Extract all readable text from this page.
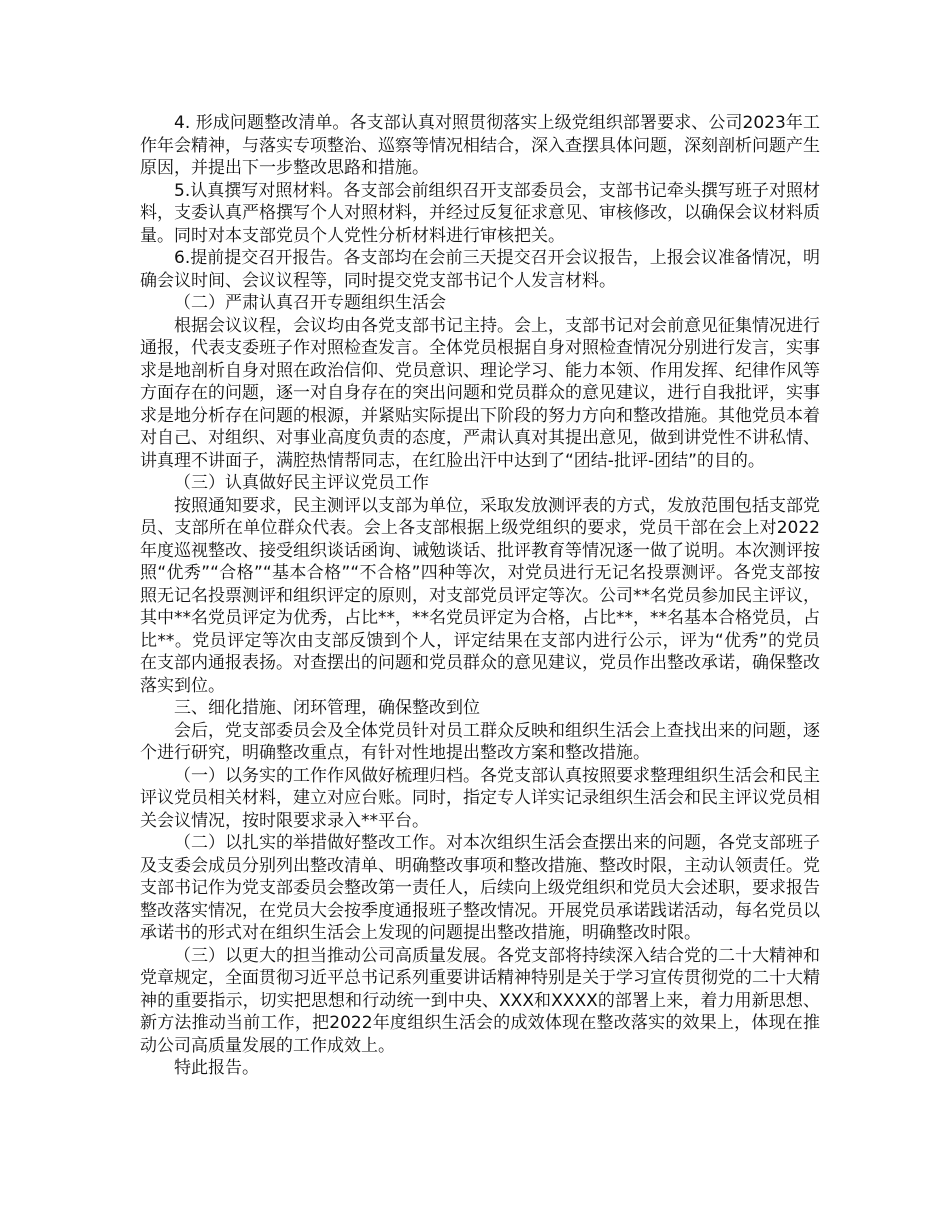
4. 形成问题整改清单。各支部认真对照贯彻落实上级党组织部署要求、公司2023年工作年会精神，与落实专项整治、巡察等情况相结合，深入查摆具体问题，深刻剖析问题产生原因，并提出下一步整改思路和措施。

5.认真撰写对照材料。各支部会前组织召开支部委员会，支部书记牵头撰写班子对照材料，支委认真严格撰写个人对照材料，并经过反复征求意见、审核修改，以确保会议材料质量。同时对本支部党员个人党性分析材料进行审核把关。

6.提前提交召开报告。各支部均在会前三天提交召开会议报告，上报会议准备情况，明确会议时间、会议议程等，同时提交党支部书记个人发言材料。

（二）严肃认真召开专题组织生活会

根据会议议程，会议均由各党支部书记主持。会上，支部书记对会前意见征集情况进行通报，代表支委班子作对照检查发言。全体党员根据自身对照检查情况分别进行发言，实事求是地剖析自身对照在政治信仰、党员意识、理论学习、能力本领、作用发挥、纪律作风等方面存在的问题，逐一对自身存在的突出问题和党员群众的意见建议，进行自我批评，实事求是地分析存在问题的根源，并紧贴实际提出下阶段的努力方向和整改措施。其他党员本着对自己、对组织、对事业高度负责的态度，严肃认真对其提出意见，做到讲党性不讲私情、讲真理不讲面子，满腔热情帮同志，在红脸出汗中达到了“团结-批评-团结”的目的。

（三）认真做好民主评议党员工作

按照通知要求，民主测评以支部为单位，采取发放测评表的方式，发放范围包括支部党员、支部所在单位群众代表。会上各支部根据上级党组织的要求，党员干部在会上对2022年度巡视整改、接受组织谈话函询、诫勉谈话、批评教育等情况逐一做了说明。本次测评按照“优秀”“合格”“基本合格”“不合格”四种等次，对党员进行无记名投票测评。各党支部按照无记名投票测评和组织评定的原则，对支部党员评定等次。公司**名党员参加民主评议，其中**名党员评定为优秀，占比**，**名党员评定为合格，占比**，**名基本合格党员，占比**。党员评定等次由支部反馈到个人，评定结果在支部内进行公示，评为“优秀”的党员在支部内通报表扬。对查摆出的问题和党员群众的意见建议，党员作出整改承诺，确保整改落实到位。

三、细化措施、闭环管理，确保整改到位

会后，党支部委员会及全体党员针对员工群众反映和组织生活会上查找出来的问题，逐个进行研究，明确整改重点，有针对性地提出整改方案和整改措施。

（一）以务实的工作作风做好梳理归档。各党支部认真按照要求整理组织生活会和民主评议党员相关材料，建立对应台账。同时，指定专人详实记录组织生活会和民主评议党员相关会议情况，按时限要求录入**平台。

（二）以扎实的举措做好整改工作。对本次组织生活会查摆出来的问题，各党支部班子及支委会成员分别列出整改清单、明确整改事项和整改措施、整改时限，主动认领责任。党支部书记作为党支部委员会整改第一责任人，后续向上级党组织和党员大会述职，要求报告整改落实情况，在党员大会按季度通报班子整改情况。开展党员承诺践诺活动，每名党员以承诺书的形式对在组织生活会上发现的问题提出整改措施，明确整改时限。

（三）以更大的担当推动公司高质量发展。各党支部将持续深入结合党的二十大精神和党章规定，全面贯彻习近平总书记系列重要讲话精神特别是关于学习宣传贯彻党的二十大精神的重要指示，切实把思想和行动统一到中央、XXX和XXXX的部署上来，着力用新思想、新方法推动当前工作，把2022年度组织生活会的成效体现在整改落实的效果上，体现在推动公司高质量发展的工作成效上。

特此报告。
